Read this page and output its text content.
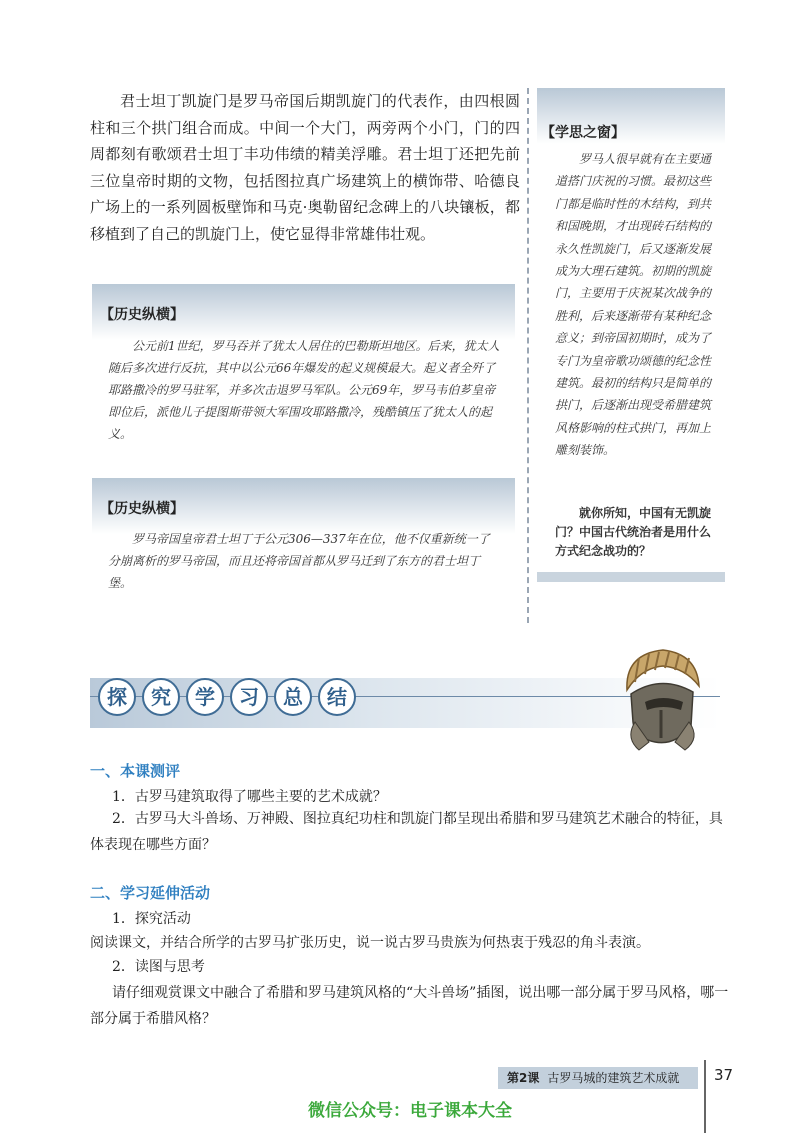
君士坦丁凯旋门是罗马帝国后期凯旋门的代表作，由四根圆柱和三个拱门组合而成。中间一个大门，两旁两个小门，门的四周都刻有歌颂君士坦丁丰功伟绩的精美浮雕。君士坦丁还把先前三位皇帝时期的文物，包括图拉真广场建筑上的横饰带、哈德良广场上的一系列圆板壁饰和马克·奥勒留纪念碑上的八块镶板，都移植到了自己的凯旋门上，使它显得非常雄伟壮观。

【历史纵横】

公元前1世纪，罗马吞并了犹太人居住的巴勒斯坦地区。后来，犹太人随后多次进行反抗，其中以公元66年爆发的起义规模最大。起义者全歼了耶路撒冷的罗马驻军，并多次击退罗马军队。公元69年，罗马韦伯芗皇帝即位后，派他儿子提图斯带领大军围攻耶路撒冷，残酷镇压了犹太人的起义。

【历史纵横】

罗马帝国皇帝君士坦丁于公元306—337年在位，他不仅重新统一了分崩离析的罗马帝国，而且还将帝国首都从罗马迁到了东方的君士坦丁堡。

【学思之窗】

罗马人很早就有在主要通道搭门庆祝的习惯。最初这些门都是临时性的木结构，到共和国晚期，才出现砖石结构的永久性凯旋门，后又逐渐发展成为大理石建筑。初期的凯旋门，主要用于庆祝某次战争的胜利，后来逐渐带有某种纪念意义；到帝国初期时，成为了专门为皇帝歌功颂德的纪念性建筑。最初的结构只是简单的拱门，后逐渐出现受希腊建筑风格影响的柱式拱门，再加上雕刻装饰。

就你所知，中国有无凯旋门？中国古代统治者是用什么方式纪念战功的？

探	究	学	习	总	结
一、本课测评

1．古罗马建筑取得了哪些主要的艺术成就？

2．古罗马大斗兽场、万神殿、图拉真纪功柱和凯旋门都呈现出希腊和罗马建筑艺术融合的特征，具体表现在哪些方面？

二、学习延伸活动

1．探究活动

阅读课文，并结合所学的古罗马扩张历史，说一说古罗马贵族为何热衷于残忍的角斗表演。

2．读图与思考

请仔细观赏课文中融合了希腊和罗马建筑风格的“大斗兽场”插图，说出哪一部分属于罗马风格，哪一部分属于希腊风格？

第2课 古罗马城的建筑艺术成就 37
微信公众号：电子课本大全
